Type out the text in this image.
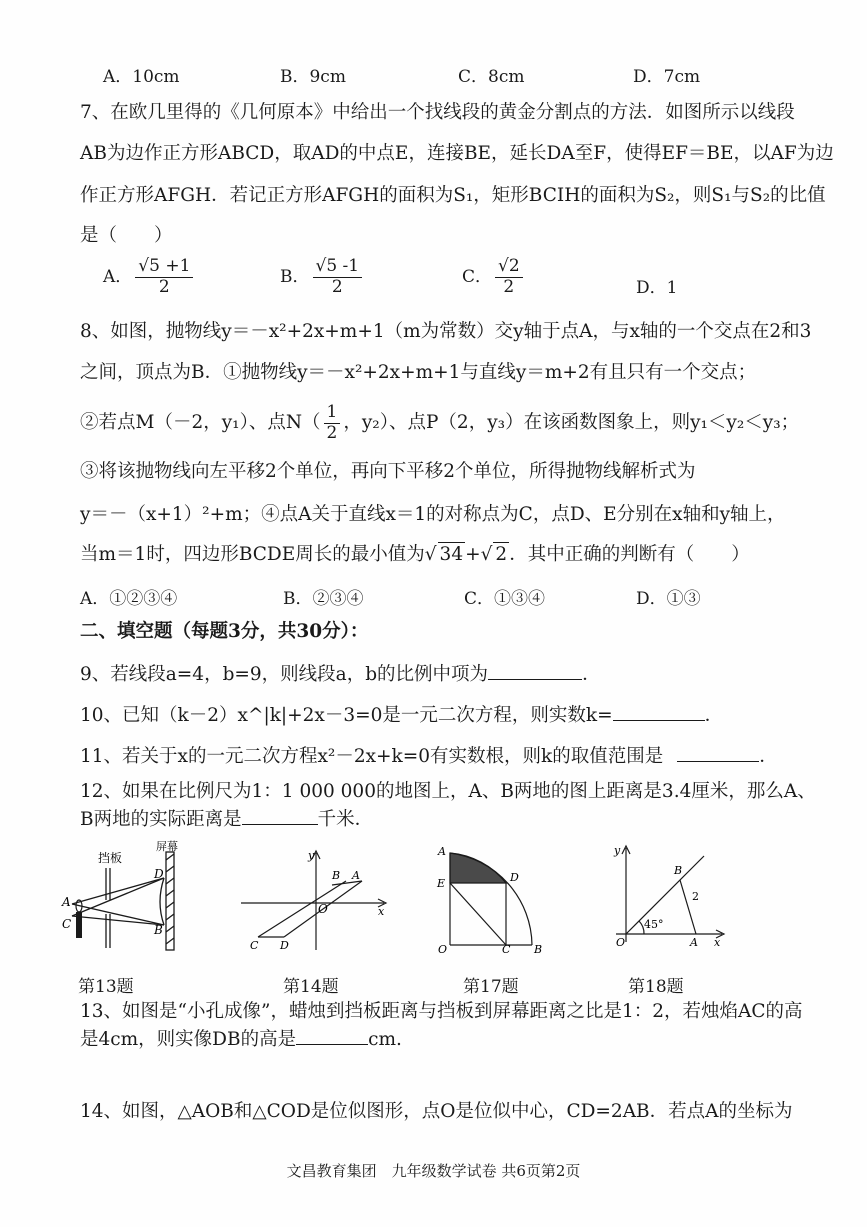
A．10cm	B．9cm	C．8cm	D．7cm
7、在欧几里得的《几何原本》中给出一个找线段的黄金分割点的方法．如图所示以线段
AB为边作正方形ABCD，取AD的中点E，连接BE，延长DA至F，使得EF＝BE，以AF为边
作正方形AFGH．若记正方形AFGH的面积为S₁，矩形BCIH的面积为S₂，则S₁与S₂的比值
是（　　）
A． $\frac{√5 +1}{2}$	B． $\frac{√5 -1}{2}$	C． $\frac{√2}{2}$	D．1
8、如图，抛物线y＝－x²+2x+m+1（m为常数）交y轴于点A，与x轴的一个交点在2和3
之间，顶点为B．①抛物线y＝－x²+2x+m+1与直线y＝m+2有且只有一个交点；
②若点M（－2，y₁）、点$N( \frac{1}{2}$ ，y₂）、点P（2，y₃）在该函数图象上，则y₁＜y₂＜y₃；
③将该抛物线向左平移2个单位，再向下平移2个单位，所得抛物线解析式为
y＝－（x+1）²+m；④点A关于直线x＝1的对称点为C，点D、E分别在x轴和y轴上，
当m＝1时，四边形BCDE周长的最小值为√ 34 +√ 2 ．其中正确的判断有（　　）
A．①②③④	B．②③④	C．①③④	D．①③
二、填空题（每题3分，共30分）：
9、若线段a=4，b=9，则线段a，b的比例中项为	．
10、已知（k－2）x^|k|+2x－3=0是一元二次方程，则实数k=	．
11、若关于x的一元二次方程x²－2x+k=0有实数根，则k的取值范围是	．
12、如果在比例尺为1：1 000 000的地图上，A、B两地的图上距离是3.4厘米，那么A、
B两地的实际距离是	千米．
挡板
屏幕
A
C
D
B
y
x
O
B A
C D
A
E	D
O	C B
y
x
O
B
A
45°
2
第13题	第14题	第17题	第18题
13、如图是“小孔成像”，蜡烛到挡板距离与挡板到屏幕距离之比是1：2，若烛焰AC的高
是4cm，则实像DB的高是	cm.
14、如图，△AOB和△COD是位似图形，点O是位似中心，CD=2AB．若点A的坐标为
文昌教育集团　九年级数学试卷 共6页第2页
